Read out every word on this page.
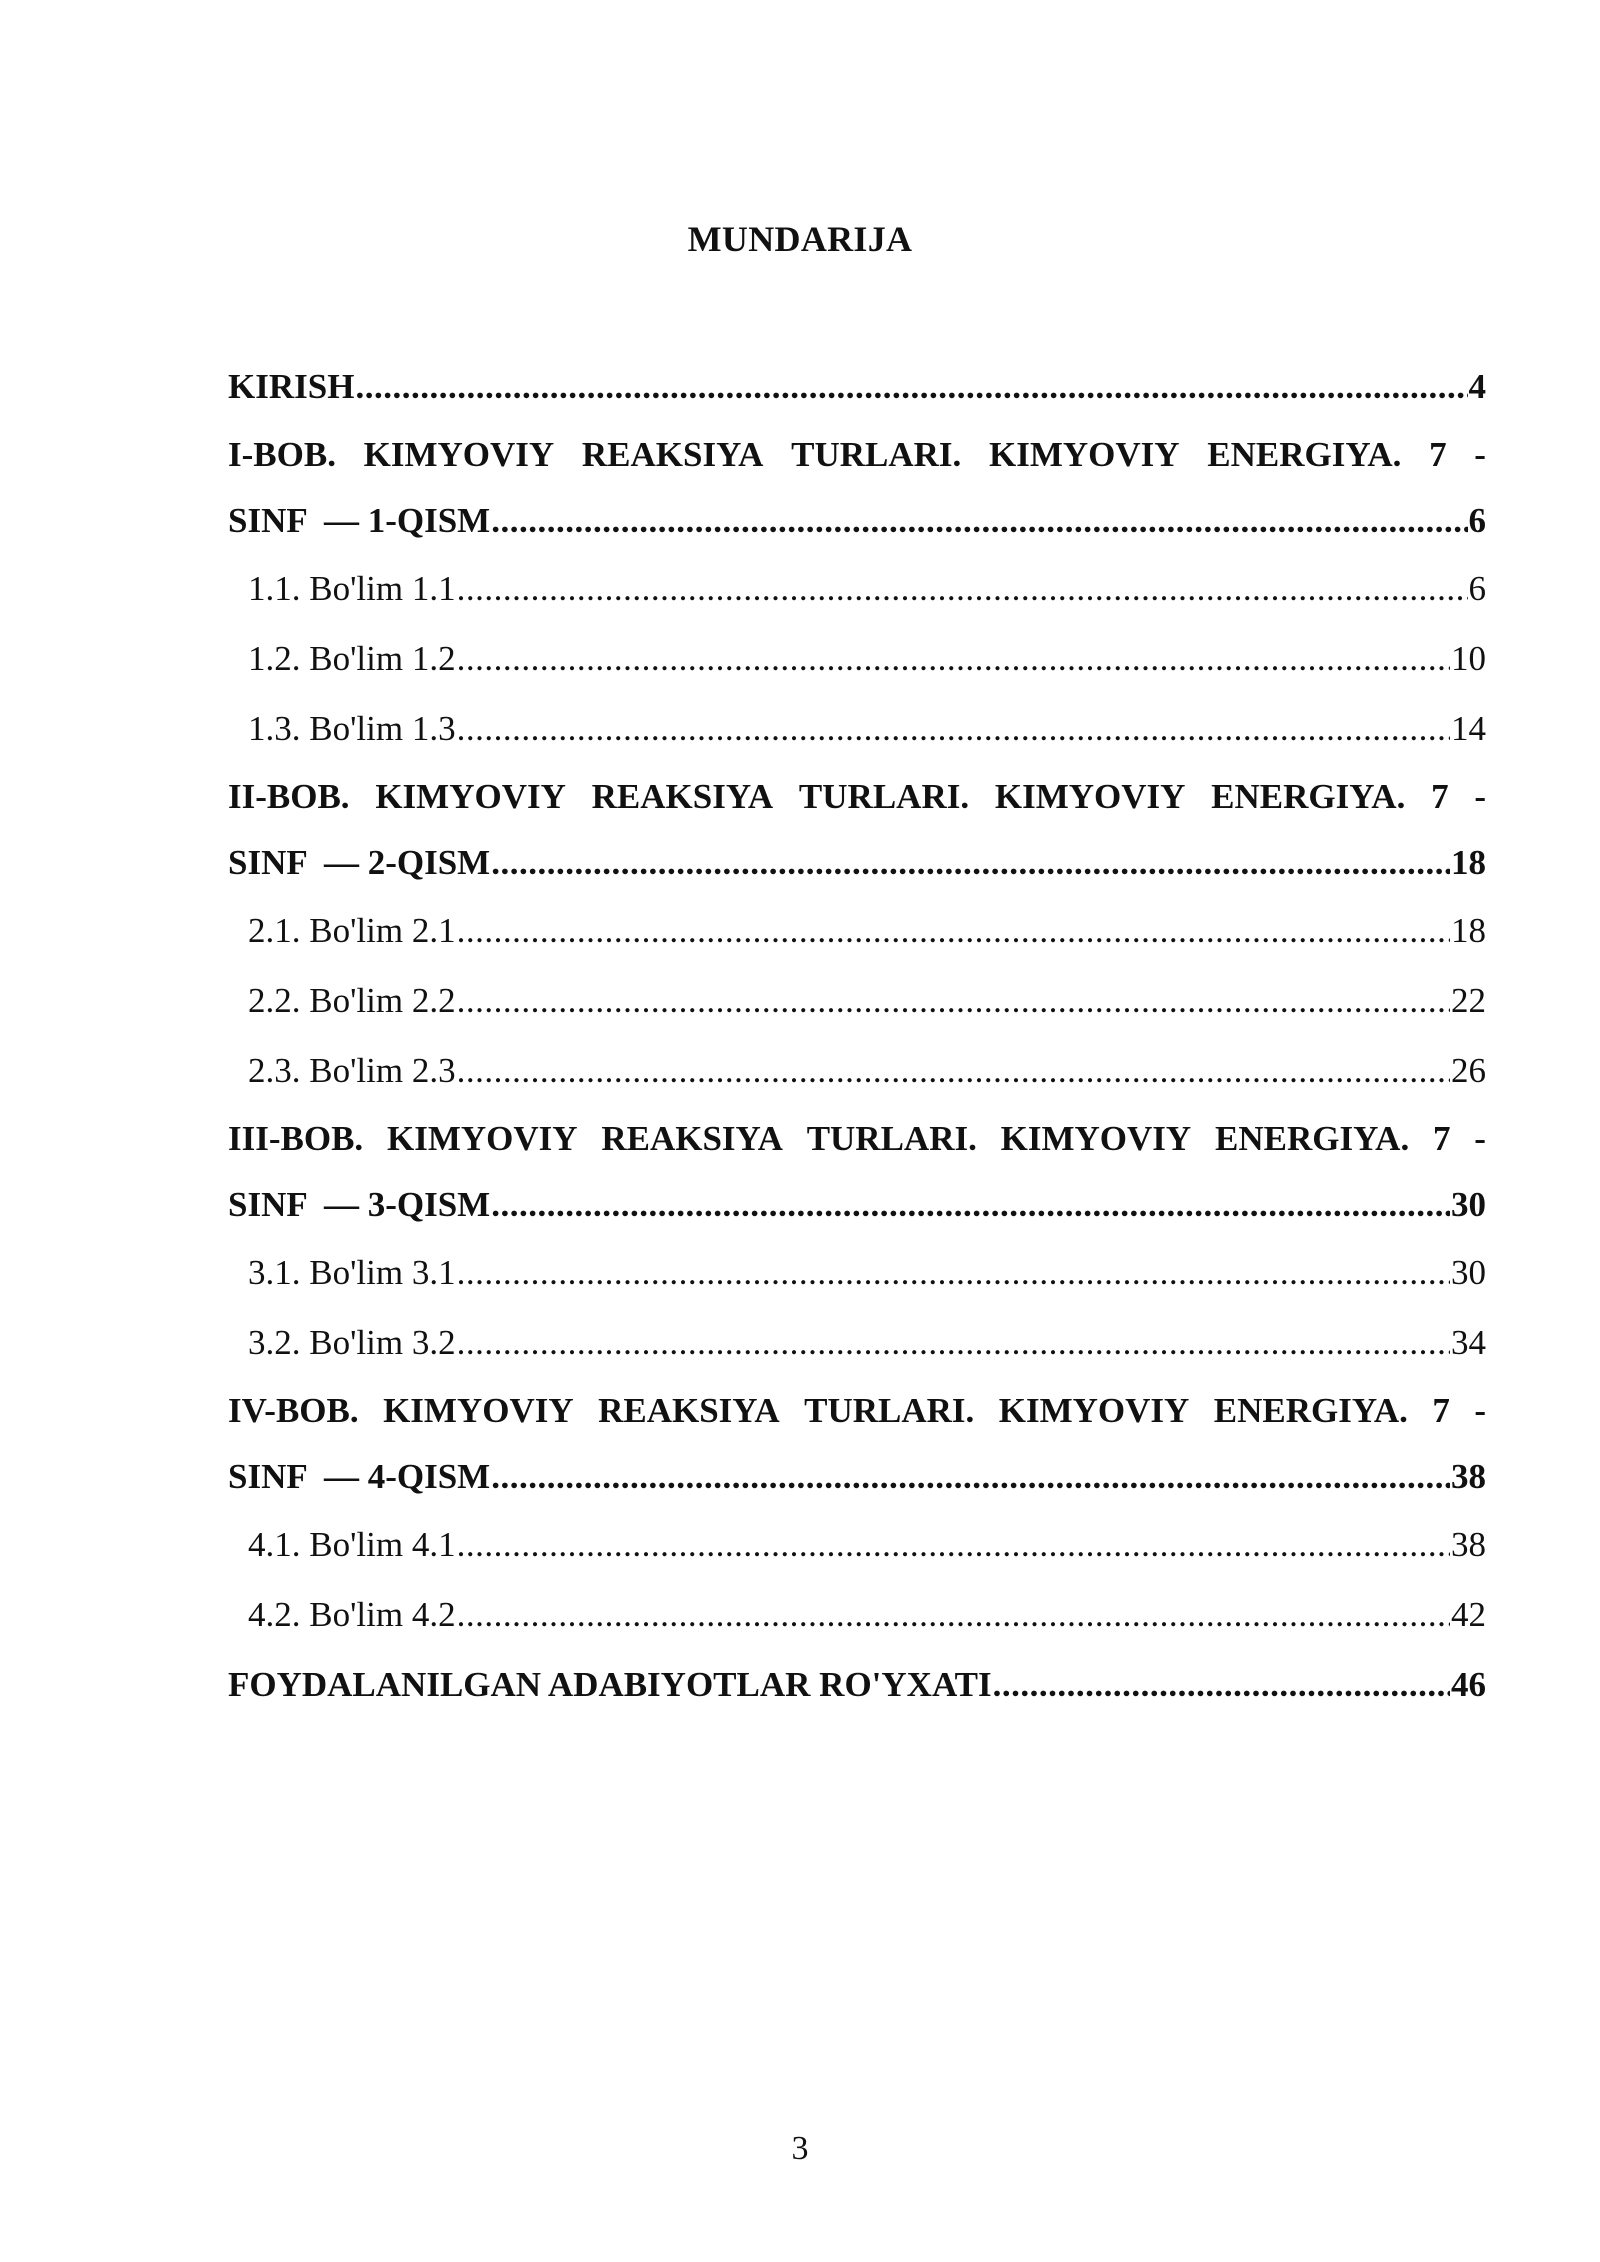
MUNDARIJA
KIRISH .....	4
I-BOB. KIMYOVIY REAKSIYA TURLARI. KIMYOVIY ENERGIYA. 7 -
SINF  — 1-QISM .....	6
1.1. Bo'lim 1.1 .....	6
1.2. Bo'lim 1.2 .....	10
1.3. Bo'lim 1.3 .....	14
II-BOB. KIMYOVIY REAKSIYA TURLARI. KIMYOVIY ENERGIYA. 7 -
SINF  — 2-QISM .....	18
2.1. Bo'lim 2.1 .....	18
2.2. Bo'lim 2.2 .....	22
2.3. Bo'lim 2.3 .....	26
III-BOB. KIMYOVIY REAKSIYA TURLARI. KIMYOVIY ENERGIYA. 7 -
SINF  — 3-QISM .....	30
3.1. Bo'lim 3.1 .....	30
3.2. Bo'lim 3.2 .....	34
IV-BOB. KIMYOVIY REAKSIYA TURLARI. KIMYOVIY ENERGIYA. 7 -
SINF  — 4-QISM .....	38
4.1. Bo'lim 4.1 .....	38
4.2. Bo'lim 4.2 .....	42
FOYDALANILGAN ADABIYOTLAR RO'YXATI .....	46
3
